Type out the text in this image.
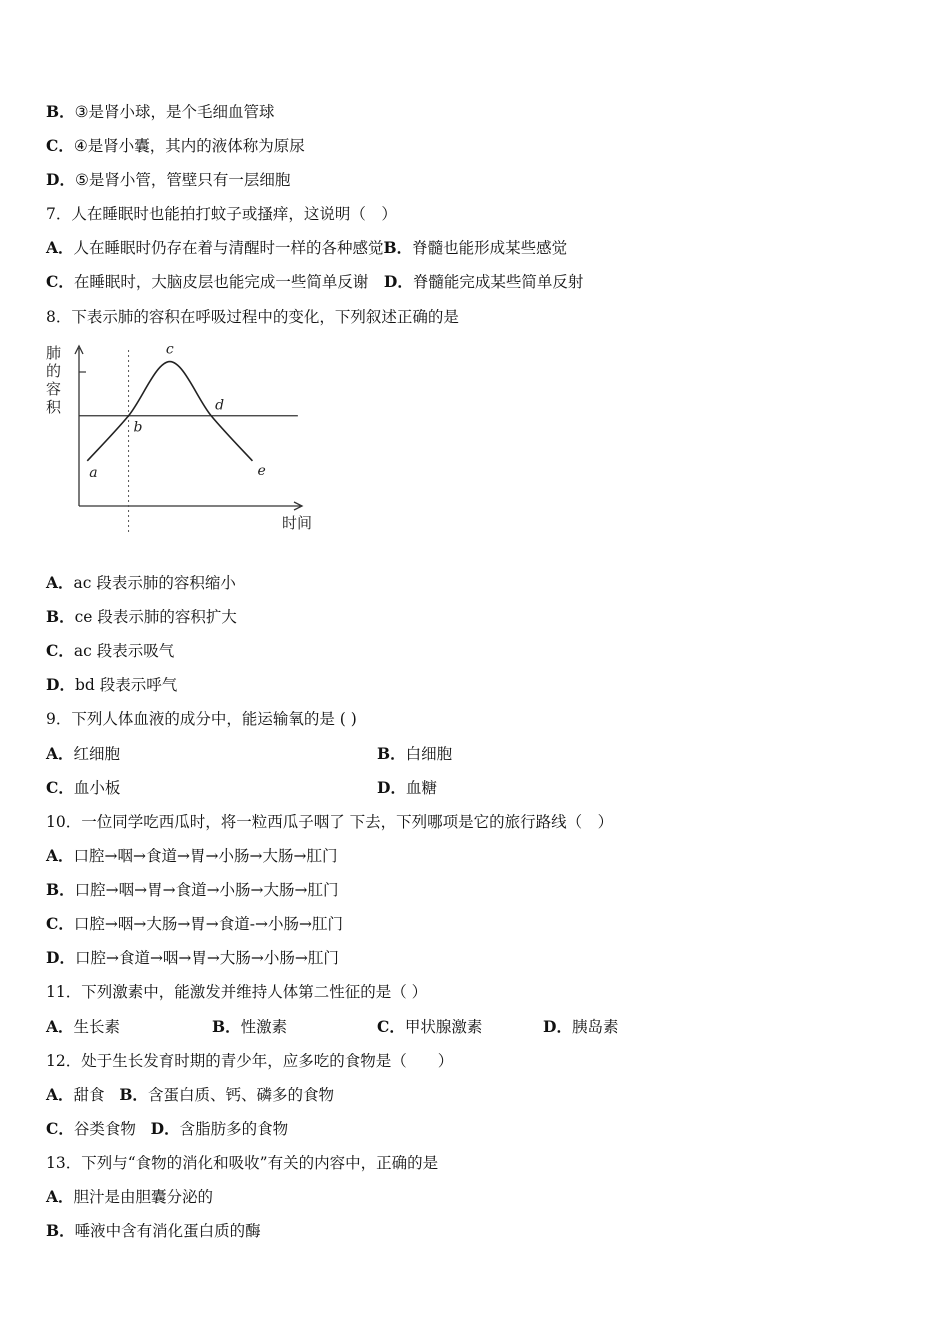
B．③是肾小球，是个毛细血管球
C．④是肾小囊，其内的液体称为原尿
D．⑤是肾小管，管壁只有一层细胞
7．人在睡眠时也能拍打蚊子或搔痒，这说明（　）
A．人在睡眠时仍存在着与清醒时一样的各种感觉B．脊髓也能形成某些感觉
C．在睡眠时，大脑皮层也能完成一些简单反谢　 D．脊髓能完成某些简单反射
8．下表示肺的容积在呼吸过程中的变化，下列叙述正确的是
肺
的
容
积
a
b
c
d
e
时间
A．ac 段表示肺的容积缩小
B．ce 段表示肺的容积扩大
C．ac 段表示吸气
D．bd 段表示呼气
9．下列人体血液的成分中，能运输氧的是 ( )
A．红细胞	B．白细胞
C．血小板	D．血糖
10．一位同学吃西瓜时，将一粒西瓜子咽了 下去，下列哪项是它的旅行路线（　）
A．口腔→咽→食道→胃→小肠→大肠→肛门
B．口腔→咽→胃→食道→小肠→大肠→肛门
C．口腔→咽→大肠→胃→食道-→小肠→肛门
D．口腔→食道→咽→胃→大肠→小肠→肛门
11．下列激素中，能激发并维持人体第二性征的是（ ）
A．生长素	B．性激素	C．甲状腺激素	D．胰岛素
12．处于生长发育时期的青少年，应多吃的食物是（　　）
A．甜食 B．含蛋白质、钙、磷多的食物
C．谷类食物 D．含脂肪多的食物
13．下列与“食物的消化和吸收”有关的内容中，正确的是
A．胆汁是由胆囊分泌的
B．唾液中含有消化蛋白质的酶
